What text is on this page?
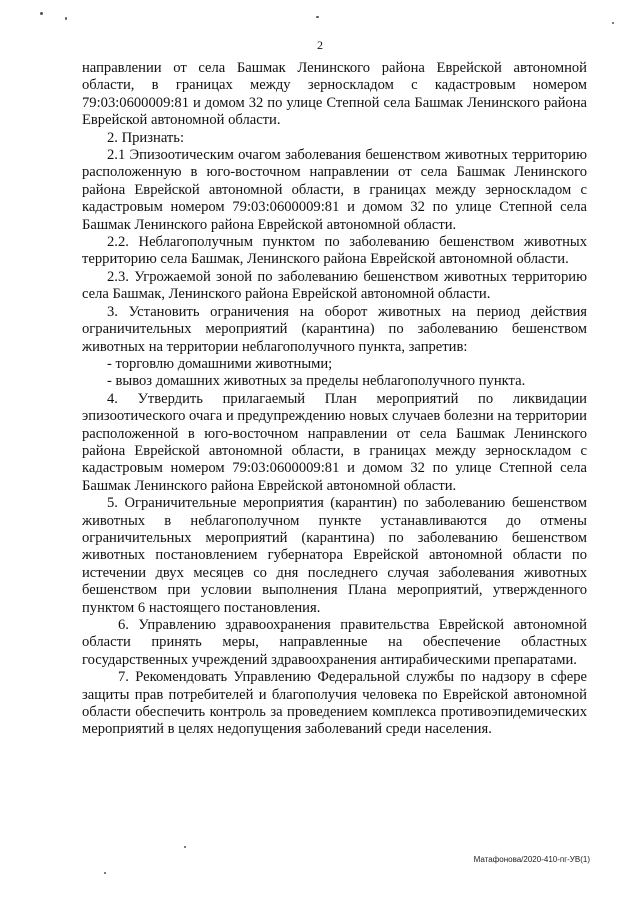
2

направлении от села Башмак Ленинского района Еврейской автономной области, в границах между зерноскладом с кадастровым номером 79:03:0600009:81 и домом 32 по улице Степной села Башмак Ленинского района Еврейской автономной области.

2. Признать:

2.1 Эпизоотическим очагом заболевания бешенством животных территорию расположенную в юго-восточном направлении от села Башмак Ленинского района Еврейской автономной области, в границах между зерноскладом с кадастровым номером 79:03:0600009:81 и домом 32 по улице Степной села Башмак Ленинского района Еврейской автономной области.

2.2. Неблагополучным пунктом по заболеванию бешенством животных территорию села Башмак, Ленинского района Еврейской автономной области.

2.3. Угрожаемой зоной по заболеванию бешенством животных территорию села Башмак, Ленинского района Еврейской автономной области.

3. Установить ограничения на оборот животных на период действия ограничительных мероприятий (карантина) по заболеванию бешенством животных на территории неблагополучного пункта, запретив:

- торговлю домашними животными;

- вывоз домашних животных за пределы неблагополучного пункта.

4. Утвердить прилагаемый План мероприятий по ликвидации эпизоотического очага и предупреждению новых случаев болезни на территории расположенной в юго-восточном направлении от села Башмак Ленинского района Еврейской автономной области, в границах между зерноскладом с кадастровым номером 79:03:0600009:81 и домом 32 по улице Степной села Башмак Ленинского района Еврейской автономной области.

5. Ограничительные мероприятия (карантин) по заболеванию бешенством животных в неблагополучном пункте устанавливаются до отмены ограничительных мероприятий (карантина) по заболеванию бешенством животных постановлением губернатора Еврейской автономной области по истечении двух месяцев со дня последнего случая заболевания животных бешенством при условии выполнения Плана мероприятий, утвержденного пунктом 6 настоящего постановления.

6. Управлению здравоохранения правительства Еврейской автономной области принять меры, направленные на обеспечение областных государственных учреждений здравоохранения антирабическими препаратами.

7. Рекомендовать Управлению Федеральной службы по надзору в сфере защиты прав потребителей и благополучия человека по Еврейской автономной области обеспечить контроль за проведением комплекса противоэпидемических мероприятий в целях недопущения заболеваний среди населения.

Матафонова/2020-410-пг-УВ(1)
